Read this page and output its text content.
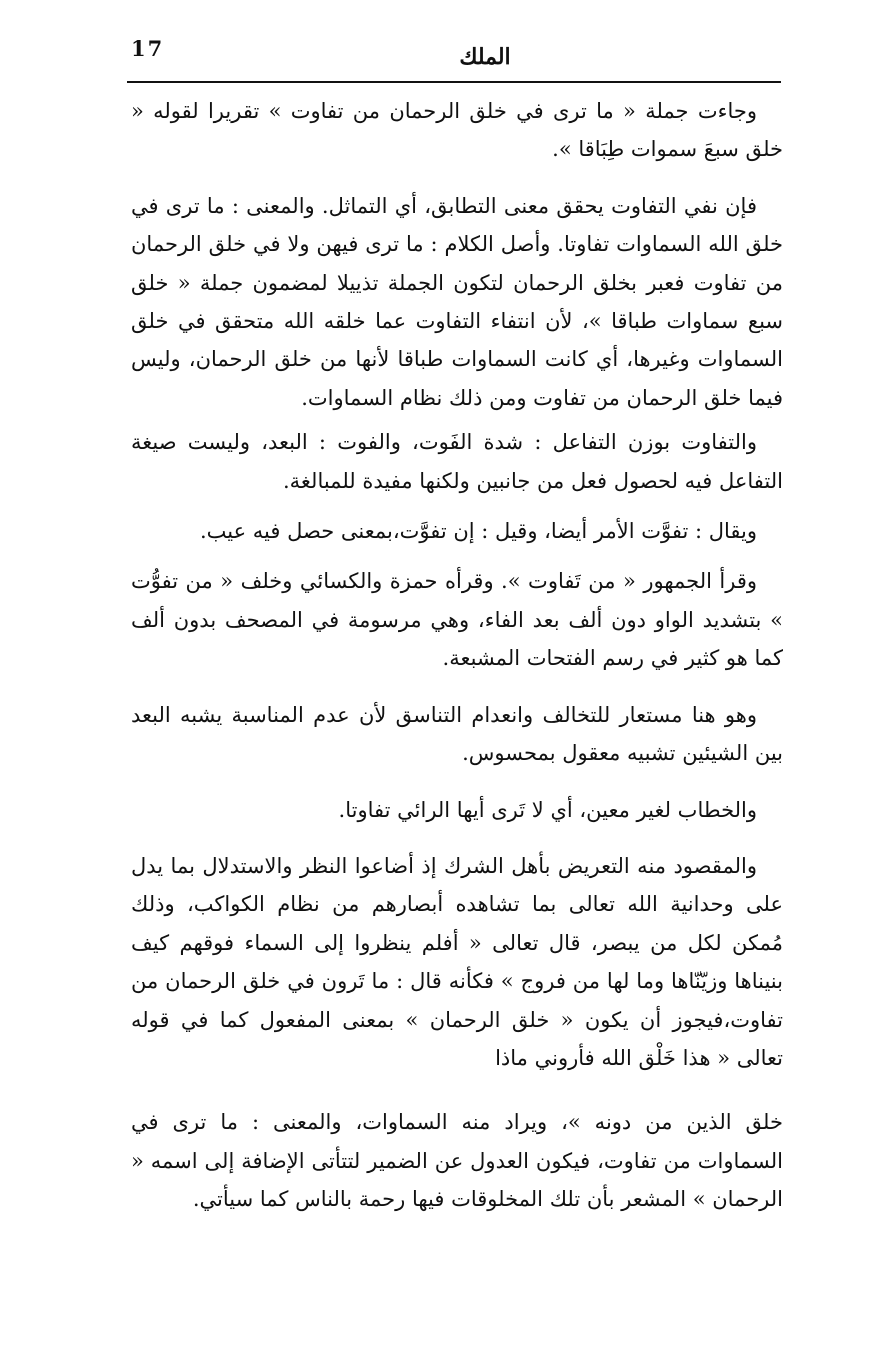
17	الملك

وجاءت جملة « ما ترى في خلق الرحمان من تفاوت » تقريرا لقوله « خلق سبعَ سموات طِبَاقا ».

فإن نفي التفاوت يحقق معنى التطابق، أي التماثل. والمعنى : ما ترى في خلق الله السماوات تفاوتا. وأصل الكلام : ما ترى فيهن ولا في خلق الرحمان من تفاوت فعبر بخلق الرحمان لتكون الجملة تذييلا لمضمون جملة « خلق سبع سماوات طباقا »، لأن انتفاء التفاوت عما خلقه الله متحقق في خلق السماوات وغيرها، أي كانت السماوات طباقا لأنها من خلق الرحمان، وليس فيما خلق الرحمان من تفاوت ومن ذلك نظام السماوات.

والتفاوت بوزن التفاعل : شدة الفَوت، والفوت : البعد، وليست صيغة التفاعل فيه لحصول فعل من جانبين ولكنها مفيدة للمبالغة.

ويقال : تفوَّت الأمر أيضا، وقيل : إن تفوَّت،بمعنى حصل فيه عيب.

وقرأ الجمهور « من تَفاوت ». وقرأه حمزة والكسائي وخلف « من تفوُّت » بتشديد الواو دون ألف بعد الفاء، وهي مرسومة في المصحف بدون ألف كما هو كثير في رسم الفتحات المشبعة.

وهو هنا مستعار للتخالف وانعدام التناسق لأن عدم المناسبة يشبه البعد بين الشيئين تشبيه معقول بمحسوس.

والخطاب لغير معين، أي لا تَرى أيها الرائي تفاوتا.

والمقصود منه التعريض بأهل الشرك إذ أضاعوا النظر والاستدلال بما يدل على وحدانية الله تعالى بما تشاهده أبصارهم من نظام الكواكب، وذلك مُمكن لكل من يبصر، قال تعالى « أفلم ينظروا إلى السماء فوقهم كيف بنيناها وزيّنّاها وما لها من فروج » فكأنه قال : ما تَرون في خلق الرحمان من تفاوت،فيجوز أن يكون « خلق الرحمان » بمعنى المفعول كما في قوله تعالى « هذا خَلْق الله فأروني ماذا

خلق الذين من دونه »، ويراد منه السماوات، والمعنى : ما ترى في السماوات من تفاوت، فيكون العدول عن الضمير لتتأتى الإضافة إلى اسمه « الرحمان » المشعر بأن تلك المخلوقات فيها رحمة بالناس كما سيأتي.
